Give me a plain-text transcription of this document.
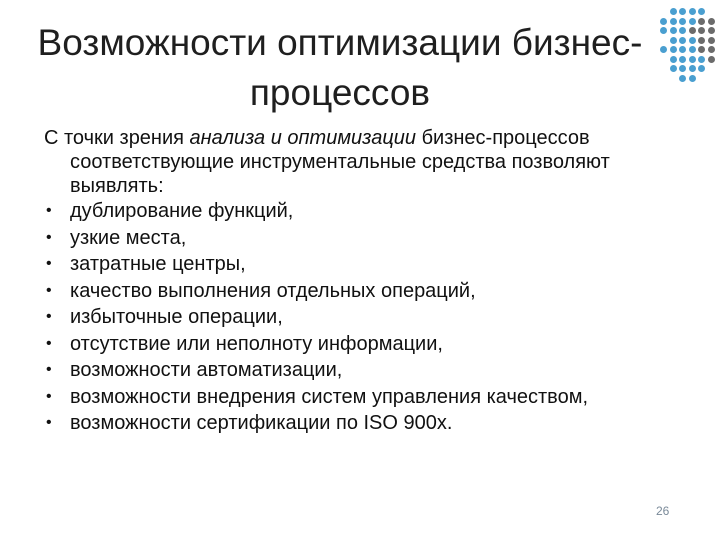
Возможности оптимизации бизнес-процессов

С точки зрения анализа и оптимизации бизнес-процессов соответствующие инструментальные средства позволяют выявлять:

• дублирование функций,
• узкие места,
• затратные центры,
• качество выполнения отдельных операций,
• избыточные операции,
• отсутствие или неполноту информации,
• возможности автоматизации,
• возможности внедрения систем управления качеством,
• возможности сертификации по ISO 900х.
26
